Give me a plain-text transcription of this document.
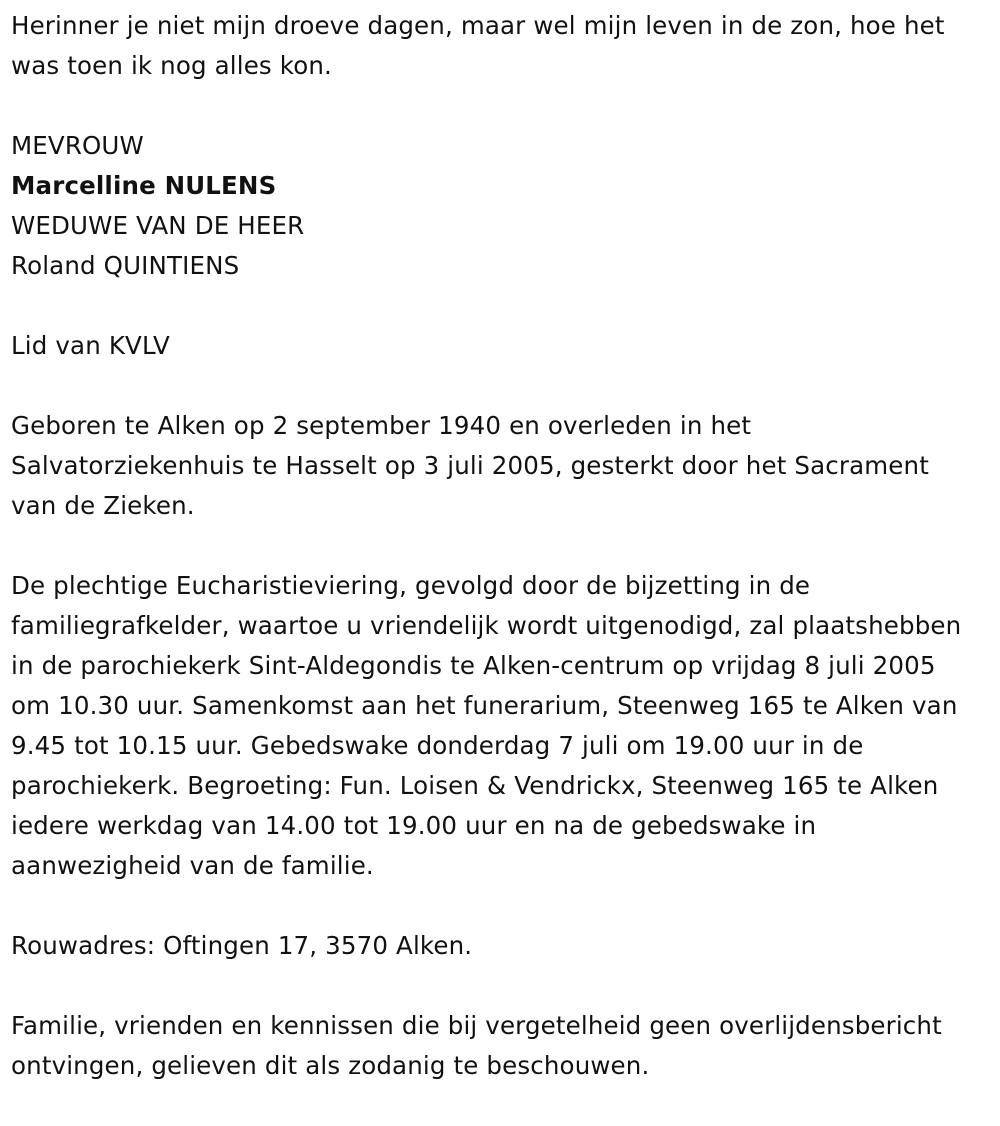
Herinner je niet mijn droeve dagen, maar wel mijn leven in de zon, hoe het was toen ik nog alles kon.

MEVROUW

Marcelline NULENS

WEDUWE VAN DE HEER

Roland QUINTIENS

Lid van KVLV

Geboren te Alken op 2 september 1940 en overleden in het Salvatorziekenhuis te Hasselt op 3 juli 2005, gesterkt door het Sacrament van de Zieken.

De plechtige Eucharistieviering, gevolgd door de bijzetting in de familiegrafkelder, waartoe u vriendelijk wordt uitgenodigd, zal plaatshebben in de parochiekerk Sint-Aldegondis te Alken-centrum op vrijdag 8 juli 2005 om 10.30 uur. Samenkomst aan het funerarium, Steenweg 165 te Alken van 9.45 tot 10.15 uur. Gebedswake donderdag 7 juli om 19.00 uur in de parochiekerk. Begroeting: Fun. Loisen & Vendrickx, Steenweg 165 te Alken iedere werkdag van 14.00 tot 19.00 uur en na de gebedswake in aanwezigheid van de familie.

Rouwadres: Oftingen 17, 3570 Alken.

Familie, vrienden en kennissen die bij vergetelheid geen overlijdensbericht ontvingen, gelieven dit als zodanig te beschouwen.
